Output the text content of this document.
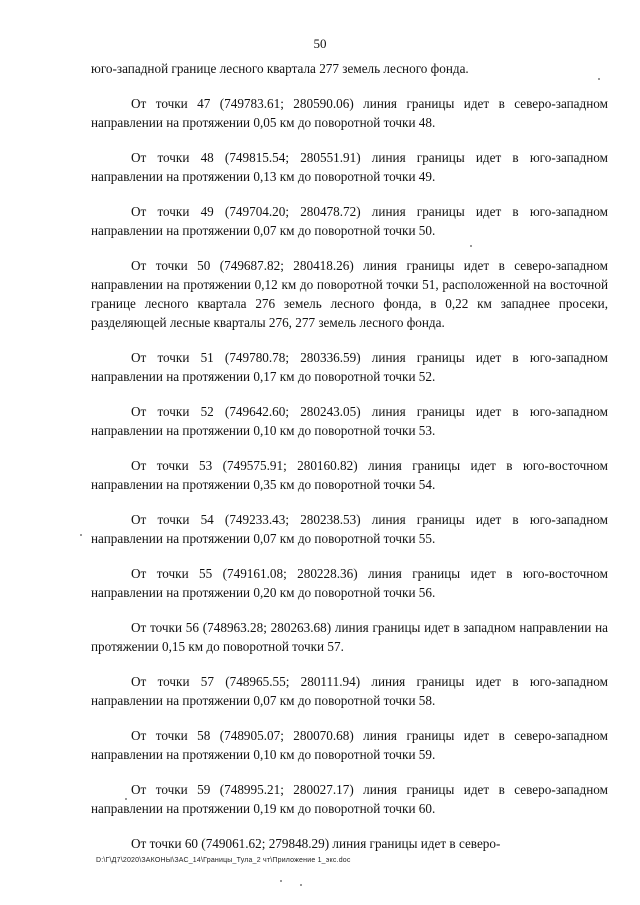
50

юго-западной границе лесного квартала 277 земель лесного фонда.

От точки 47 (749783.61; 280590.06) линия границы идет в северо-западном направлении на протяжении 0,05 км до поворотной точки 48.

От точки 48 (749815.54; 280551.91) линия границы идет в юго-западном направлении на протяжении 0,13 км до поворотной точки 49.

От точки 49 (749704.20; 280478.72) линия границы идет в юго-западном направлении на протяжении 0,07 км до поворотной точки 50.

От точки 50 (749687.82; 280418.26) линия границы идет в северо-западном направлении на протяжении 0,12 км до поворотной точки 51, расположенной на восточной границе лесного квартала 276 земель лесного фонда, в 0,22 км западнее просеки, разделяющей лесные кварталы 276, 277 земель лесного фонда.

От точки 51 (749780.78; 280336.59) линия границы идет в юго-западном направлении на протяжении 0,17 км до поворотной точки 52.

От точки 52 (749642.60; 280243.05) линия границы идет в юго-западном направлении на протяжении 0,10 км до поворотной точки 53.

От точки 53 (749575.91; 280160.82) линия границы идет в юго-восточном направлении на протяжении 0,35 км до поворотной точки 54.

От точки 54 (749233.43; 280238.53) линия границы идет в юго-западном направлении на протяжении 0,07 км до поворотной точки 55.

От точки 55 (749161.08; 280228.36) линия границы идет в юго-восточном направлении на протяжении 0,20 км до поворотной точки 56.

От точки 56 (748963.28; 280263.68) линия границы идет в западном направлении на протяжении 0,15 км до поворотной точки 57.

От точки 57 (748965.55; 280111.94) линия границы идет в юго-западном направлении на протяжении 0,07 км до поворотной точки 58.

От точки 58 (748905.07; 280070.68) линия границы идет в северо-западном направлении на протяжении 0,10 км до поворотной точки 59.

От точки 59 (748995.21; 280027.17) линия границы идет в северо-западном направлении на протяжении 0,19 км до поворотной точки 60.

От точки 60 (749061.62; 279848.29) линия границы идет в северо-

D:\Г\Д7\2020\ЗАКОНЫ\ЗАС_14\Границы_Тула_2 чт\Приложение 1_экс.doc
